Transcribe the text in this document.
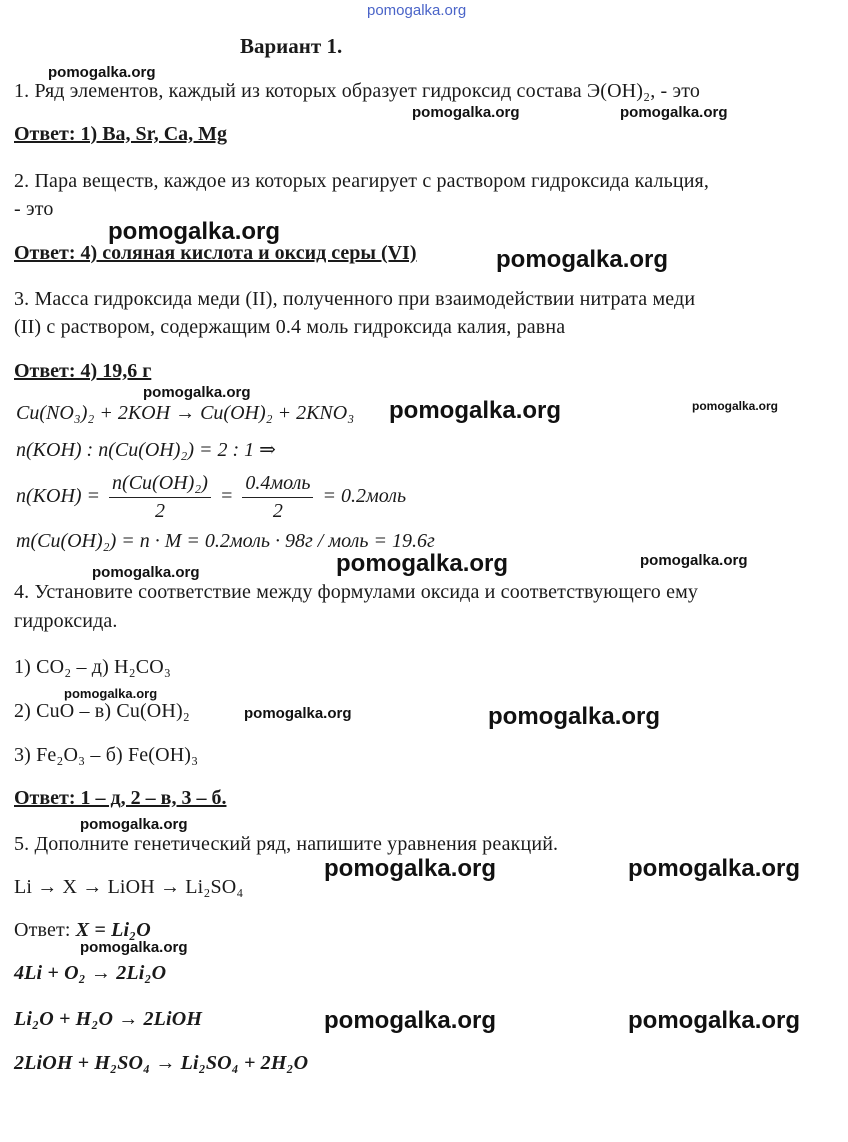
pomogalka.org
Вариант 1.
1. Ряд элементов, каждый из которых образует гидроксид состава Э(ОН)₂, - это
Ответ: 1) Ba, Sr, Ca, Mg
2. Пара веществ, каждое из которых реагирует с раствором гидроксида кальция,
- это
Ответ: 4) соляная кислота и оксид серы (VI)
3. Масса гидроксида меди (II), полученного при взаимодействии нитрата меди
(II) с раствором, содержащим 0.4 моль гидроксида калия, равна
Ответ: 4) 19,6 г
Cu(NO₃)₂ + 2KOH → Cu(OH)₂ + 2KNO₃
n(KOH) : n(Cu(OH)₂) = 2 : 1 ⇒
$n(KOH) = \frac{\text{n(Cu(OH)₂)}}{2} = \frac{\text{0.4моль}}{2}$ = 0.2моль
m(Cu(OH)₂) = n · M = 0.2моль · 98г / моль = 19.6г
4. Установите соответствие между формулами оксида и соответствующего ему
гидроксида.
1) CO₂ – д) H₂CO₃
2) CuO – в) Cu(OH)₂
3) Fe₂O₃ – б) Fe(OH)₃
Ответ: 1 – д, 2 – в, 3 – б.
5. Дополните генетический ряд, напишите уравнения реакций.
Li → X → LiOH → Li₂SO₄
Ответ: X = Li₂O
4Li + O₂ → 2Li₂O
Li₂O + H₂O → 2LiOH
2LiOH + H₂SO₄ → Li₂SO₄ + 2H₂O
pomogalka.org
pomogalka.org	pomogalka.org
pomogalka.org
pomogalka.org
pomogalka.org
pomogalka.org	pomogalka.org
pomogalka.org
pomogalka.org
pomogalka.org
pomogalka.org
pomogalka.org	pomogalka.org
pomogalka.org
pomogalka.org	pomogalka.org
pomogalka.org
pomogalka.org	pomogalka.org
